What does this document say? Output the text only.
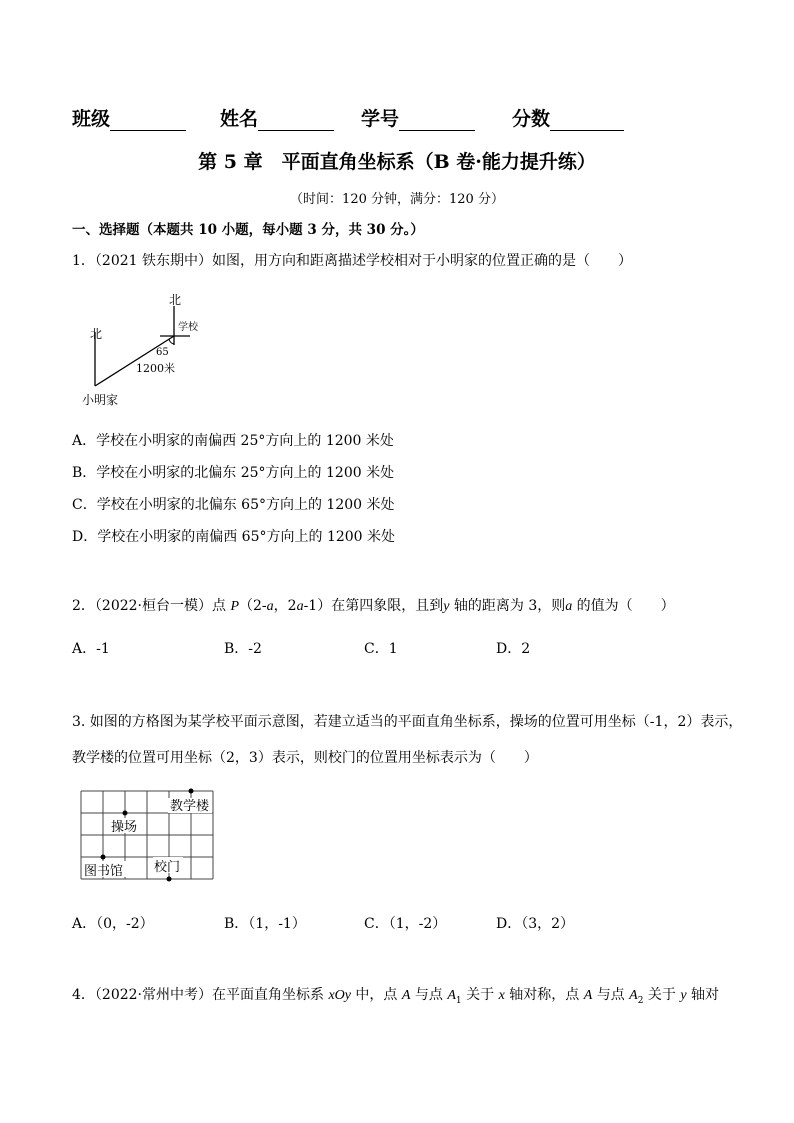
班级	姓名	学号	分数
第 5 章　平面直角坐标系（B 卷·能力提升练）
（时间：120 分钟，满分：120 分）
一、选择题（本题共 10 小题，每小题 3 分，共 30 分。）
1．（2021 铁东期中）如图，用方向和距离描述学校相对于小明家的位置正确的是（　　）
北
北
学校
65
1200米
小明家
A．学校在小明家的南偏西 25°方向上的 1200 米处
B．学校在小明家的北偏东 25°方向上的 1200 米处
C．学校在小明家的北偏东 65°方向上的 1200 米处
D．学校在小明家的南偏西 65°方向上的 1200 米处
2．（2022·桓台一模）点 P（2-a，2a-1）在第四象限，且到y 轴的距离为 3，则a 的值为（　　）
A．-1	B．-2	C．1	D．2
3. 如图的方格图为某学校平面示意图，若建立适当的平面直角坐标系，操场的位置可用坐标（-1，2）表示，
教学楼的位置可用坐标（2，3）表示，则校门的位置用坐标表示为（　　）
教学楼
操场
图书馆 校门
A．（0，-2）	B．（1，-1）	C．（1，-2）	D．（3，2）
4．（2022·常州中考）在平面直角坐标系 xOy 中，点 A 与点 $A_1$ 关于 x 轴对称，点 A 与点 $A_2$ 关于 y 轴对
